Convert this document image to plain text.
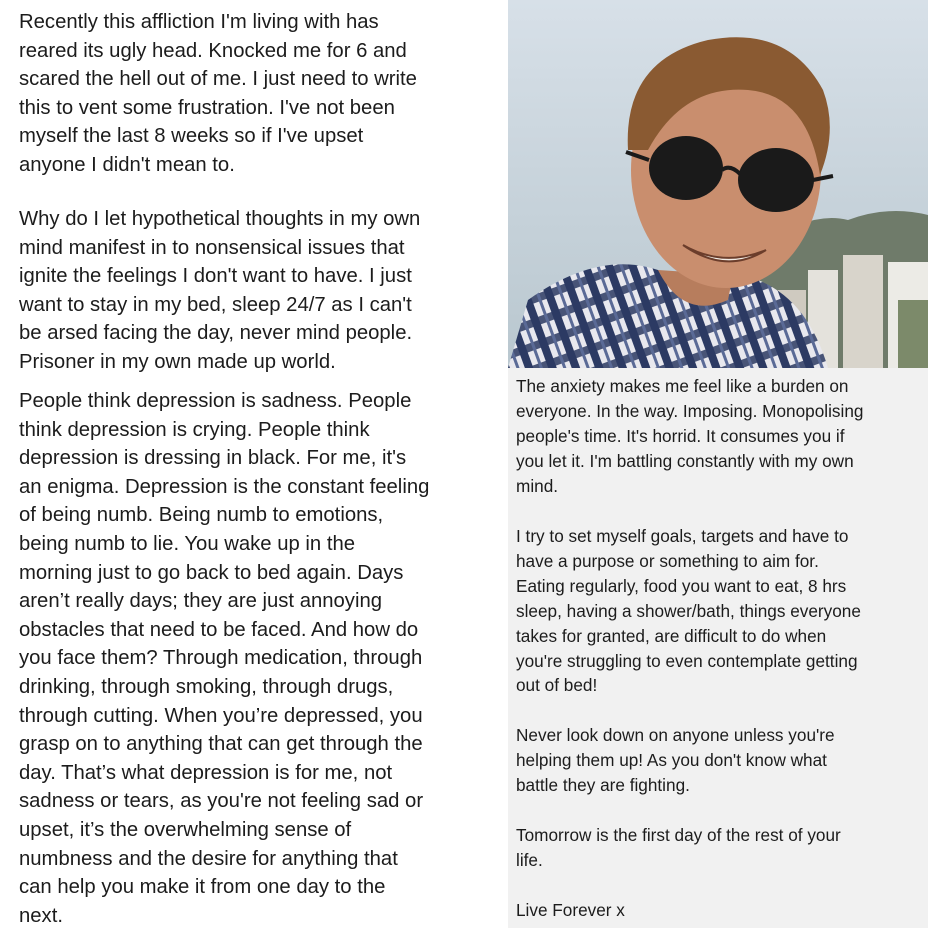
Recently this affliction I'm living with has
reared its ugly head. Knocked me for 6 and
scared the hell out of me. I just need to write
this to vent some frustration. I've not been
myself the last 8 weeks so if I've upset
anyone I didn't mean to.

Why do I let hypothetical thoughts in my own
mind manifest in to nonsensical issues that
ignite the feelings I don't want to have. I just
want to stay in my bed, sleep 24/7 as I can't
be arsed facing the day, never mind people.
Prisoner in my own made up world.

People think depression is sadness. People
think depression is crying. People think
depression is dressing in black. For me, it's
an enigma. Depression is the constant feeling
of being numb. Being numb to emotions,
being numb to lie. You wake up in the
morning just to go back to bed again. Days
aren’t really days; they are just annoying
obstacles that need to be faced. And how do
you face them? Through medication, through
drinking, through smoking, through drugs,
through cutting. When you’re depressed, you
grasp on to anything that can get through the
day. That’s what depression is for me, not
sadness or tears, as you're not feeling sad or
upset, it’s the overwhelming sense of
numbness and the desire for anything that
can help you make it from one day to the
next.

The anxiety makes me feel like a burden on
everyone. In the way. Imposing. Monopolising
people's time. It's horrid. It consumes you if
you let it. I'm battling constantly with my own
mind.

I try to set myself goals, targets and have to
have a purpose or something to aim for.
Eating regularly, food you want to eat, 8 hrs
sleep, having a shower/bath, things everyone
takes for granted, are difficult to do when
you're struggling to even contemplate getting
out of bed!

Never look down on anyone unless you're
helping them up! As you don't know what
battle they are fighting.

Tomorrow is the first day of the rest of your
life.

Live Forever x
